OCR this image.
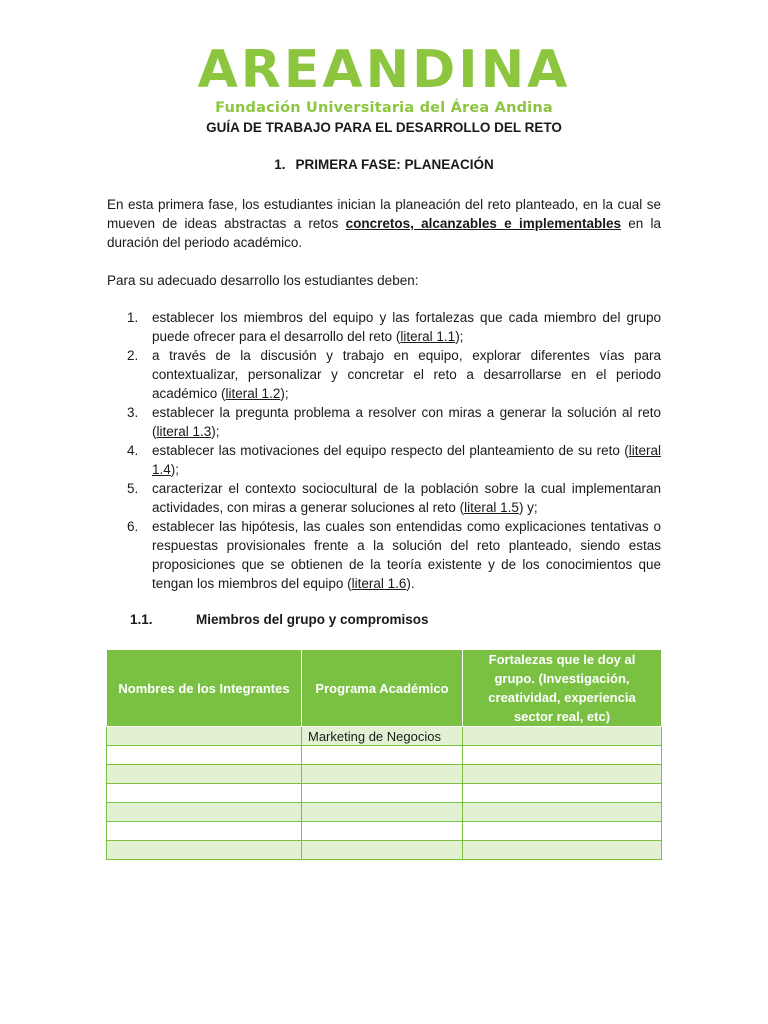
AREANDINA
Fundación Universitaria del Área Andina
GUÍA DE TRABAJO PARA EL DESARROLLO DEL RETO
1. PRIMERA FASE: PLANEACIÓN
En esta primera fase, los estudiantes inician la planeación del reto planteado, en la cual se mueven de ideas abstractas a retos concretos, alcanzables e implementables en la duración del periodo académico.
Para su adecuado desarrollo los estudiantes deben:
1. establecer los miembros del equipo y las fortalezas que cada miembro del grupo puede ofrecer para el desarrollo del reto (literal 1.1);
2. a través de la discusión y trabajo en equipo, explorar diferentes vías para contextualizar, personalizar y concretar el reto a desarrollarse en el periodo académico (literal 1.2);
3. establecer la pregunta problema a resolver con miras a generar la solución al reto (literal 1.3);
4. establecer las motivaciones del equipo respecto del planteamiento de su reto (literal 1.4);
5. caracterizar el contexto sociocultural de la población sobre la cual implementaran actividades, con miras a generar soluciones al reto (literal 1.5) y;
6. establecer las hipótesis, las cuales son entendidas como explicaciones tentativas o respuestas provisionales frente a la solución del reto planteado, siendo estas proposiciones que se obtienen de la teoría existente y de los conocimientos que tengan los miembros del equipo (literal 1.6).
1.1.	Miembros del grupo y compromisos
Nombres de los Integrantes	Programa Académico	Fortalezas que le doy al grupo. (Investigación, creatividad, experiencia sector real, etc)
	Marketing de Negocios	
